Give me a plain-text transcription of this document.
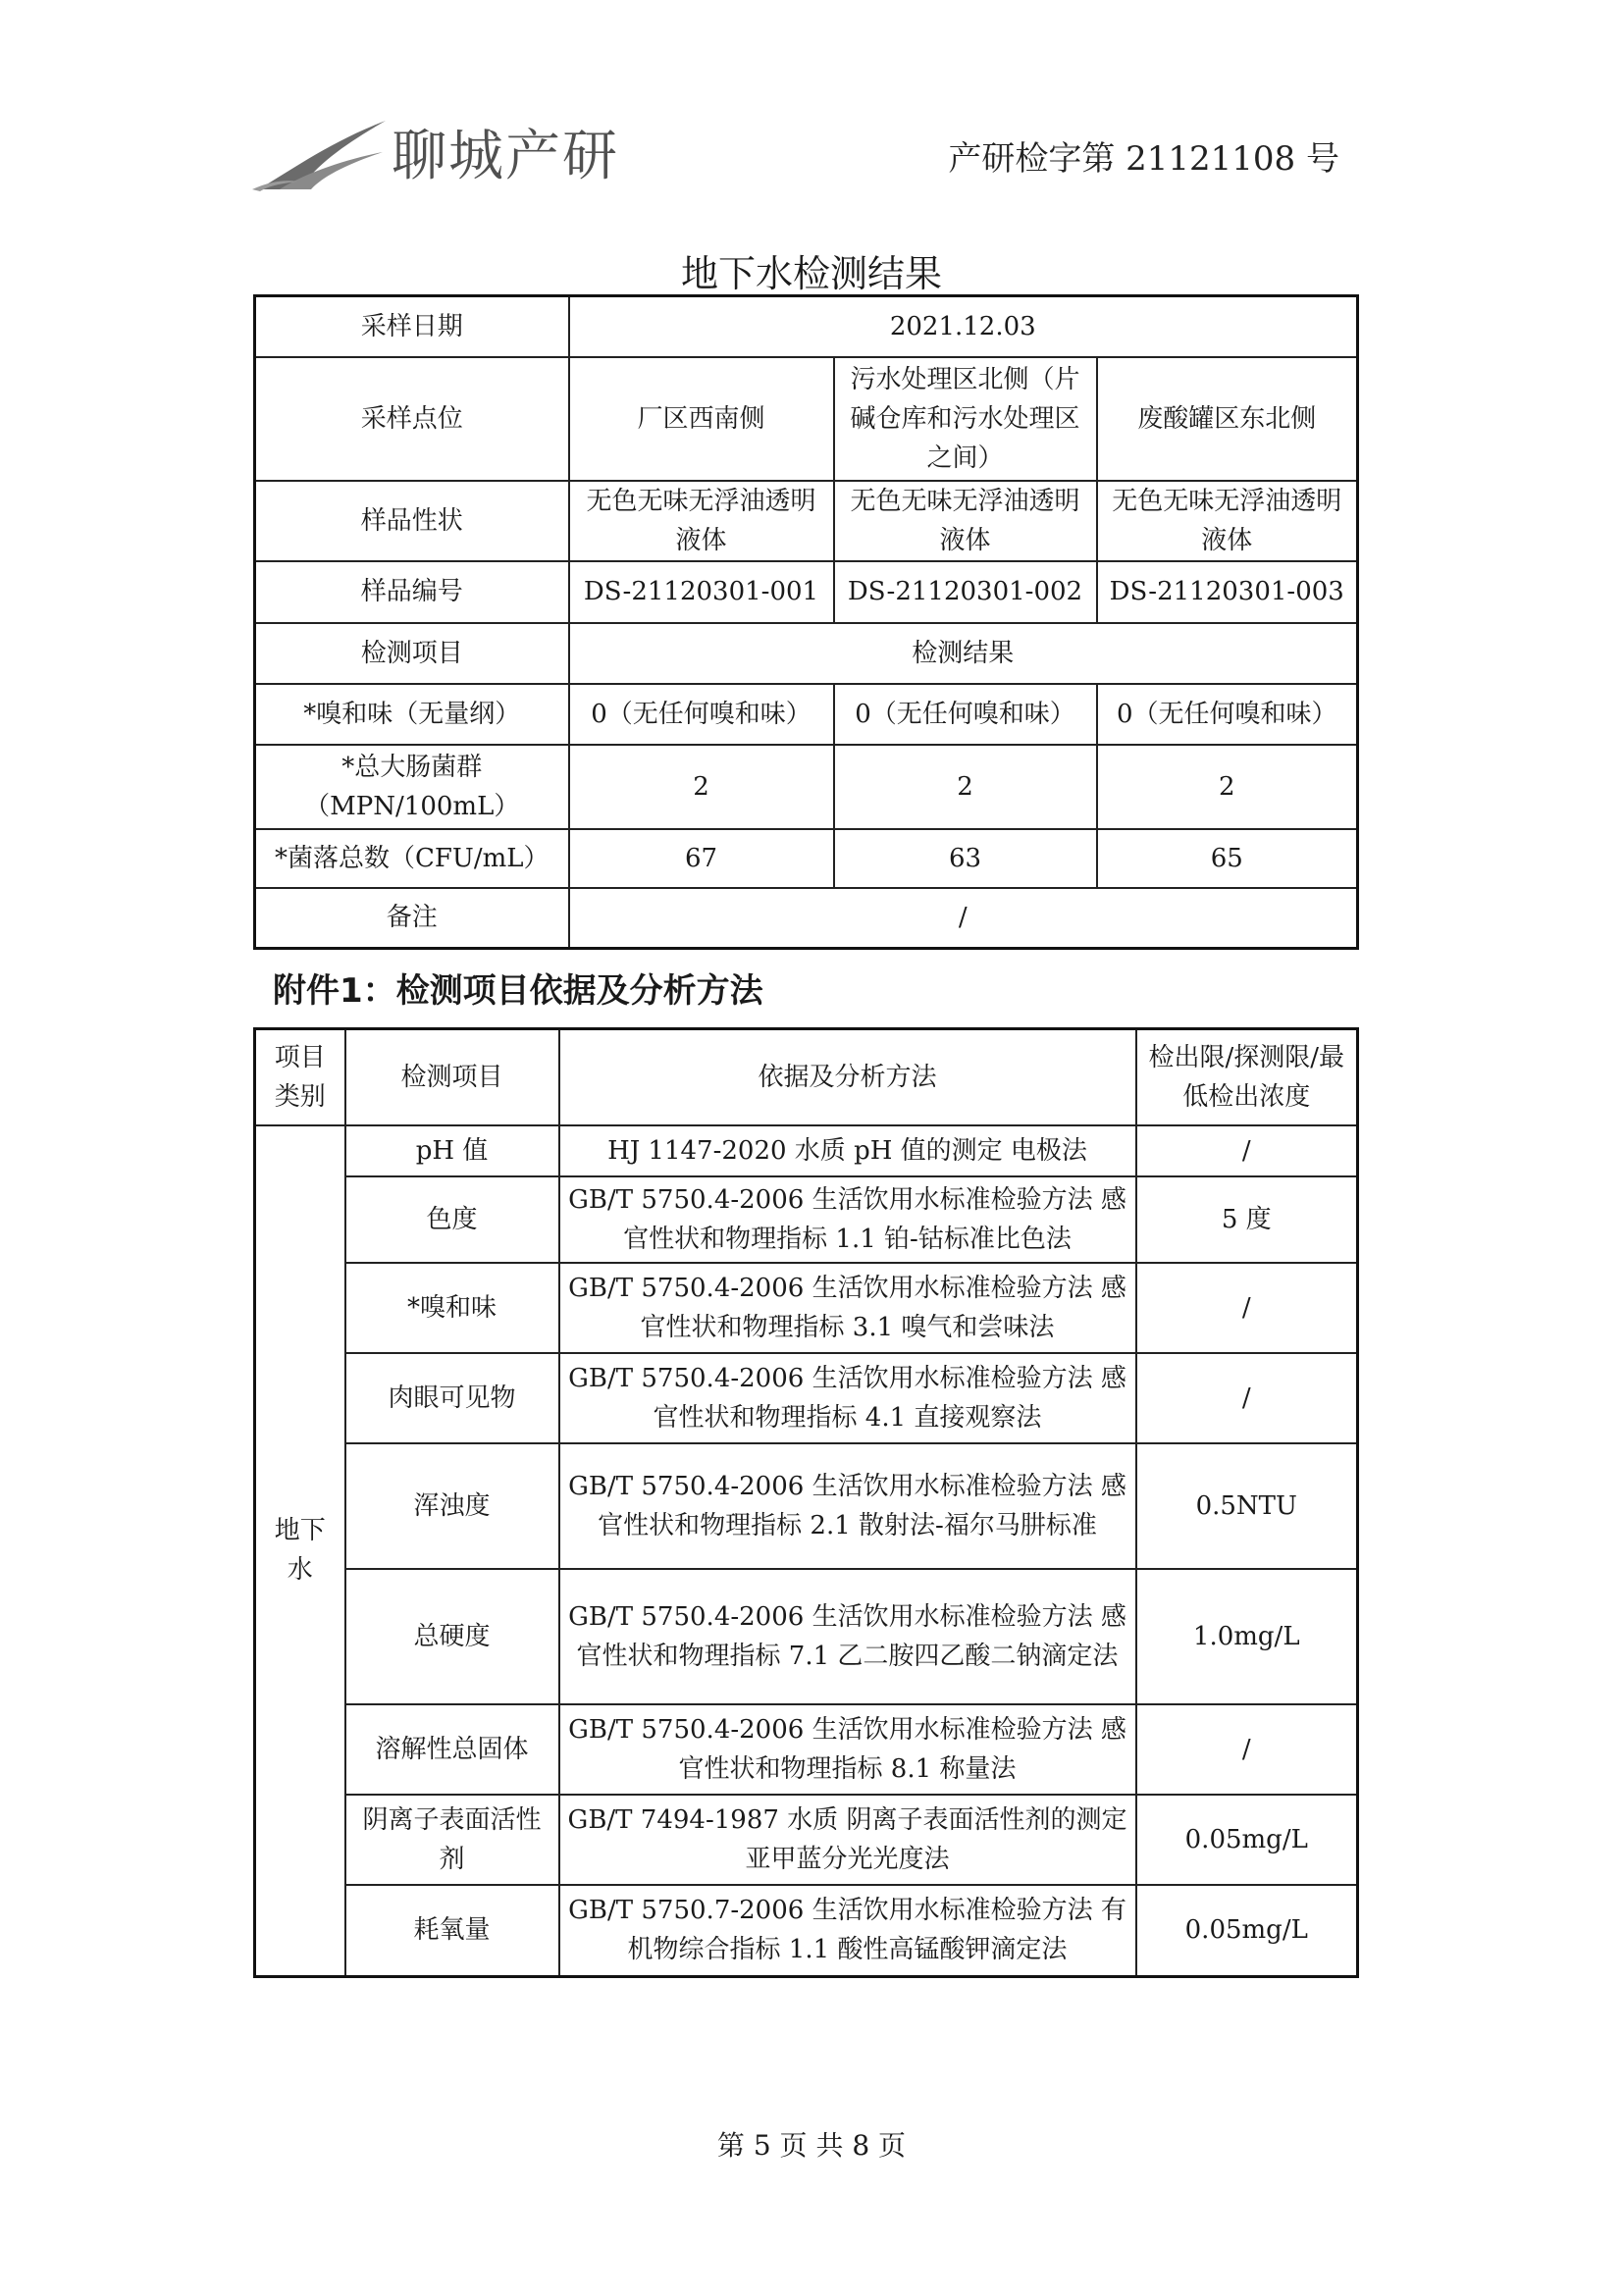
聊城产研	产研检字第 21121108 号
地下水检测结果
采样日期	2021.12.03		
采样点位	厂区西南侧	污水处理区北侧（片碱仓库和污水处理区之间）	废酸罐区东北侧
样品性状	无色无味无浮油透明液体	无色无味无浮油透明液体	无色无味无浮油透明液体
样品编号	DS-21120301-001	DS-21120301-002	DS-21120301-003
检测项目	检测结果		
*嗅和味（无量纲）	0（无任何嗅和味）	0（无任何嗅和味）	0（无任何嗅和味）
*总大肠菌群（MPN/100mL）	2	2	2
*菌落总数（CFU/mL）	67	63	65
备注	/		
附件1：检测项目依据及分析方法
项目类别	检测项目	依据及分析方法	检出限/探测限/最低检出浓度
地下水	pH 值	HJ 1147-2020 水质 pH 值的测定 电极法	/
	色度	GB/T 5750.4-2006 生活饮用水标准检验方法 感官性状和物理指标 1.1 铂-钴标准比色法	5 度
	*嗅和味	GB/T 5750.4-2006 生活饮用水标准检验方法 感官性状和物理指标 3.1 嗅气和尝味法	/
	肉眼可见物	GB/T 5750.4-2006 生活饮用水标准检验方法 感官性状和物理指标 4.1 直接观察法	/
	浑浊度	GB/T 5750.4-2006 生活饮用水标准检验方法 感官性状和物理指标 2.1 散射法-福尔马肼标准	0.5NTU
	总硬度	GB/T 5750.4-2006 生活饮用水标准检验方法 感官性状和物理指标 7.1 乙二胺四乙酸二钠滴定法	1.0mg/L
	溶解性总固体	GB/T 5750.4-2006 生活饮用水标准检验方法 感官性状和物理指标 8.1 称量法	/
	阴离子表面活性剂	GB/T 7494-1987 水质 阴离子表面活性剂的测定 亚甲蓝分光光度法	0.05mg/L
	耗氧量	GB/T 5750.7-2006 生活饮用水标准检验方法 有机物综合指标 1.1 酸性高锰酸钾滴定法	0.05mg/L
第 5 页 共 8 页
